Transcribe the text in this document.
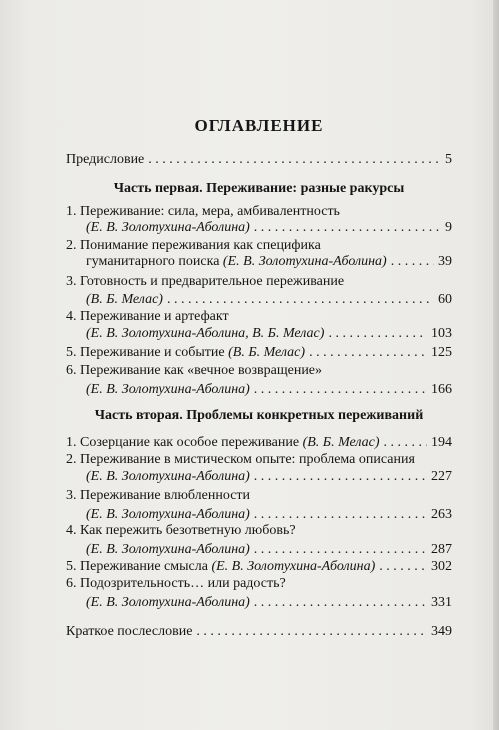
ОГЛАВЛЕНИЕ
Предисловие . . .	5
Часть первая. Переживание: разные ракурсы
1. Переживание: сила, мера, амбивалентность
(Е. В. Золотухина-Аболина) . . .	9
2. Понимание переживания как специфика
гуманитарного поиска
(Е. В. Золотухина-Аболина) . . .	39
3. Готовность и предварительное переживание
(В. Б. Мелас) . . .	60
4. Переживание и артефакт
(Е. В. Золотухина-Аболина, В. Б. Мелас) . . .	103
5. Переживание и событие
(В. Б. Мелас) . . .	125
6. Переживание как «вечное возвращение»
(Е. В. Золотухина-Аболина) . . .	166
Часть вторая. Проблемы конкретных переживаний
1. Созерцание как особое переживание
(В. Б. Мелас) . . .	194
2. Переживание в мистическом опыте: проблема описания
(Е. В. Золотухина-Аболина) . . .	227
3. Переживание влюбленности
(Е. В. Золотухина-Аболина) . . .	263
4. Как пережить безответную любовь?
(Е. В. Золотухина-Аболина) . . .	287
5. Переживание смысла
(Е. В. Золотухина-Аболина) . . .	302
6. Подозрительность… или радость?
(Е. В. Золотухина-Аболина) . . .	331
Краткое послесловие . . .	349
